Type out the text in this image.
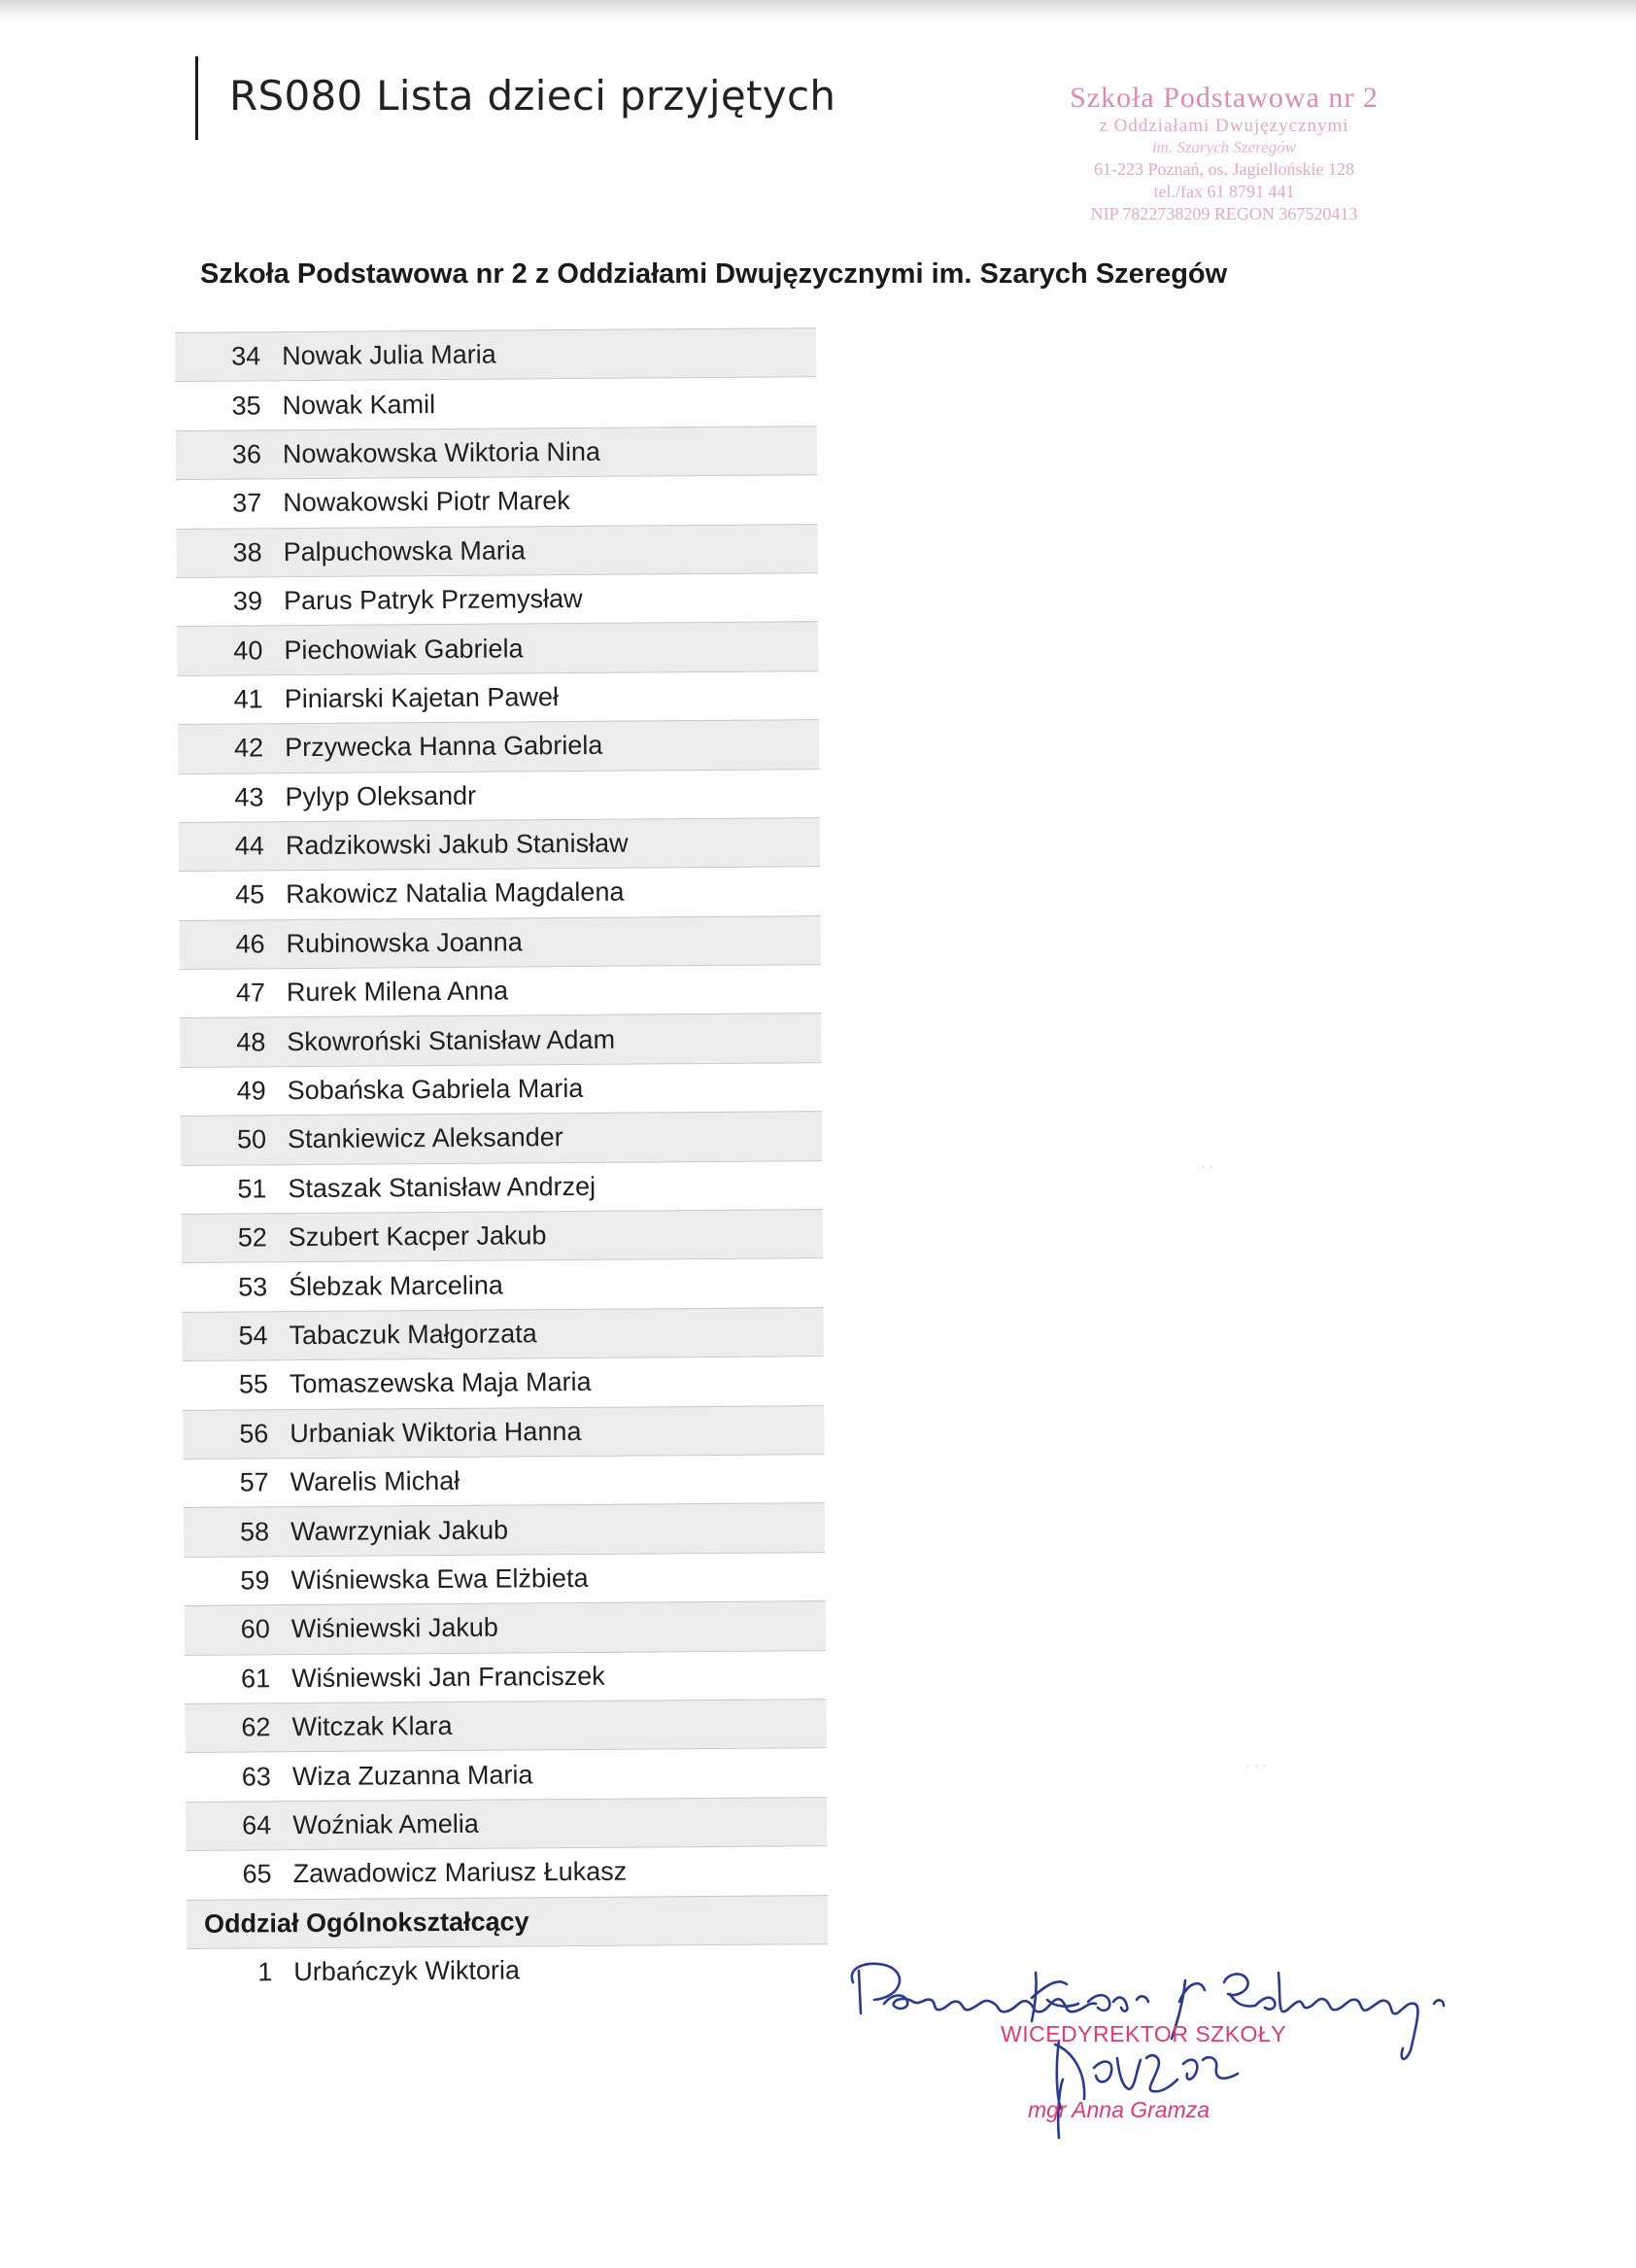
RS080 Lista dzieci przyjętych	Szkoła Podstawowa nr 2
z Oddziałami Dwujęzycznymi
im. Szarych Szeregów
61-223 Poznań, os. Jagiellońskie 128
tel./fax 61 8791 441
NIP 7822738209 REGON 367520413
Szkoła Podstawowa nr 2 z Oddziałami Dwujęzycznymi im. Szarych Szeregów
34 Nowak Julia Maria
35 Nowak Kamil
36 Nowakowska Wiktoria Nina
37 Nowakowski Piotr Marek
38 Palpuchowska Maria
39 Parus Patryk Przemysław
40 Piechowiak Gabriela
41 Piniarski Kajetan Paweł
42 Przywecka Hanna Gabriela
43 Pylyp Oleksandr
44 Radzikowski Jakub Stanisław
45 Rakowicz Natalia Magdalena
46 Rubinowska Joanna
47 Rurek Milena Anna
48 Skowroński Stanisław Adam
49 Sobańska Gabriela Maria
50 Stankiewicz Aleksander
51 Staszak Stanisław Andrzej
52 Szubert Kacper Jakub
53 Ślebzak Marcelina
54 Tabaczuk Małgorzata
55 Tomaszewska Maja Maria
56 Urbaniak Wiktoria Hanna
57 Warelis Michał
58 Wawrzyniak Jakub
59 Wiśniewska Ewa Elżbieta
60 Wiśniewski Jakub
61 Wiśniewski Jan Franciszek
62 Witczak Klara
63 Wiza Zuzanna Maria
64 Woźniak Amelia
65 Zawadowicz Mariusz Łukasz
Oddział Ogólnokształcący
1 Urbańczyk Wiktoria
· ·
· · ·
WICEDYREKTOR SZKOŁY
mgr Anna Gramza
